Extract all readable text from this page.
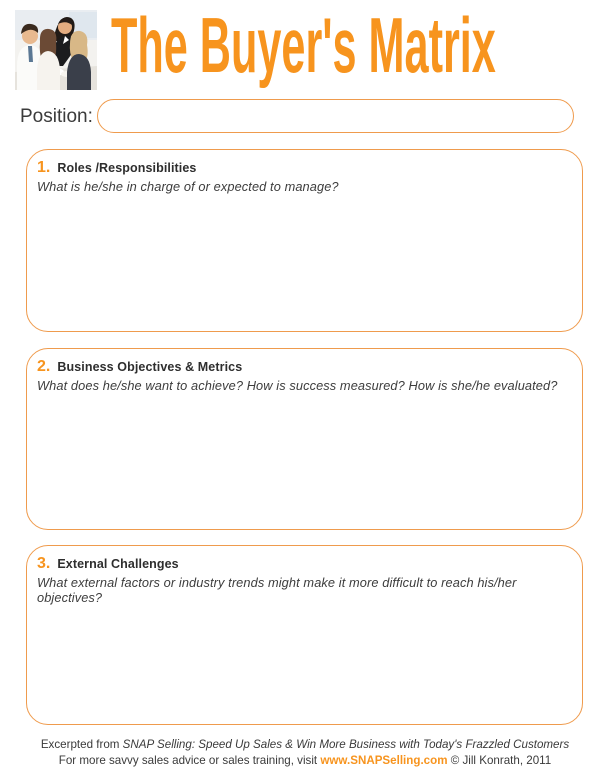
The Buyer's Matrix
Position:
1. Roles /Responsibilities
What is he/she in charge of or expected to manage?
2. Business Objectives & Metrics
What does he/she want to achieve? How is success measured? How is she/he evaluated?
3. External Challenges
What external factors or industry trends might make it more difficult to reach his/her objectives?
Excerpted from SNAP Selling: Speed Up Sales & Win More Business with Today's Frazzled Customers
For more savvy sales advice or sales training, visit www.SNAPSelling.com © Jill Konrath, 2011
